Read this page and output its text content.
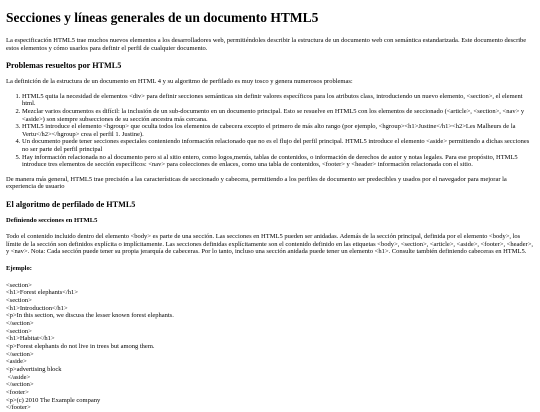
Secciones y líneas generales de un documento HTML5

La especificación HTML5 trae muchos nuevos elementos a los desarrolladores web, permitiéndoles describir la estructura de un documento web con semántica estandarizada. Este documento describe estos elementos y cómo usarlos para definir el perfil de cualquier documento.

Problemas resueltos por HTML5

La definición de la estructura de un documento en HTML 4 y su algoritmo de perfilado es muy tosco y genera numerosos problemas:

1. HTML5 quita la necesidad de elementos <div> para definir secciones semánticas sin definir valores específicos para los atributos class, introduciendo un nuevo elemento, <section>, el element html.
2. Mezclar varios documentos es difícil: la inclusión de un sub-documento en un documento principal. Esto se resuelve en HTML5 con los elementos de seccionado (<article>, <section>, <nav> y <aside>) son siempre subsecciones de su sección ancestra más cercana.
3. HTML5 introduce el elemento <hgroup> que oculta todos los elementos de cabecera excepto el primero de más alto rango (por ejemplo, <hgroup><h1>Justine</h1><h2>Les Malheurs de la Vertu</h2></hgroup> crea el perfil 1. Justine).
4. Un documento puede tener secciones especiales conteniendo información relacionado que no es el flujo del perfil principal. HTML5 introduce el elemento <aside> permitiendo a dichas secciones no ser parte del perfil principal
5. Hay información relacionada no al documento pero si al sitio entero, como logos,menús, tablas de contenidos, o información de derechos de autor y notas legales. Para ese propósito, HTML5 introduce tres elementos de sección específicos: <nav> para colecciones de enlaces, como una tabla de contenidos, <footer> y <header> información relacionada con el sitio.

De manera más general, HTML5 trae precisión a las características de seccionado y cabecera, permitiendo a los perfiles de documento ser predecibles y usados por el navegador para mejorar la experiencia de usuario

El algoritmo de perfilado de HTML5
Definiendo secciones en HTML5

Todo el contenido incluido dentro del elemento <body> es parte de una sección. Las secciones en HTML5 pueden ser anidadas. Además de la sección principal, definida por el elemento <body>, los límite de la sección son definidos explícita o implícitamente. Las secciones definidas explícitamente son el contenido definido en las etiquetas <body>, <section>, <article>, <aside>, <footer>, <header>, y <nav>. Nota: Cada sección puede tener su propia jerarquía de cabeceras. Por lo tanto, incluso una sección anidada puede tener un elemento <h1>. Consulte también definiendo cabeceras en HTML5.

Ejemplo:
<section>
<h1>Forest elephants</h1>
<section>
<h1>Introduction</h1>
<p>In this section, we discuss the lesser known forest elephants.
</section>
<section>
<h1>Habitat</h1>
<p>Forest elephants do not live in trees but among them.
</section>
<aside>
<p>advertising block
</aside>
</section>
<footer>
<p>(c) 2010 The Example company
</footer>
